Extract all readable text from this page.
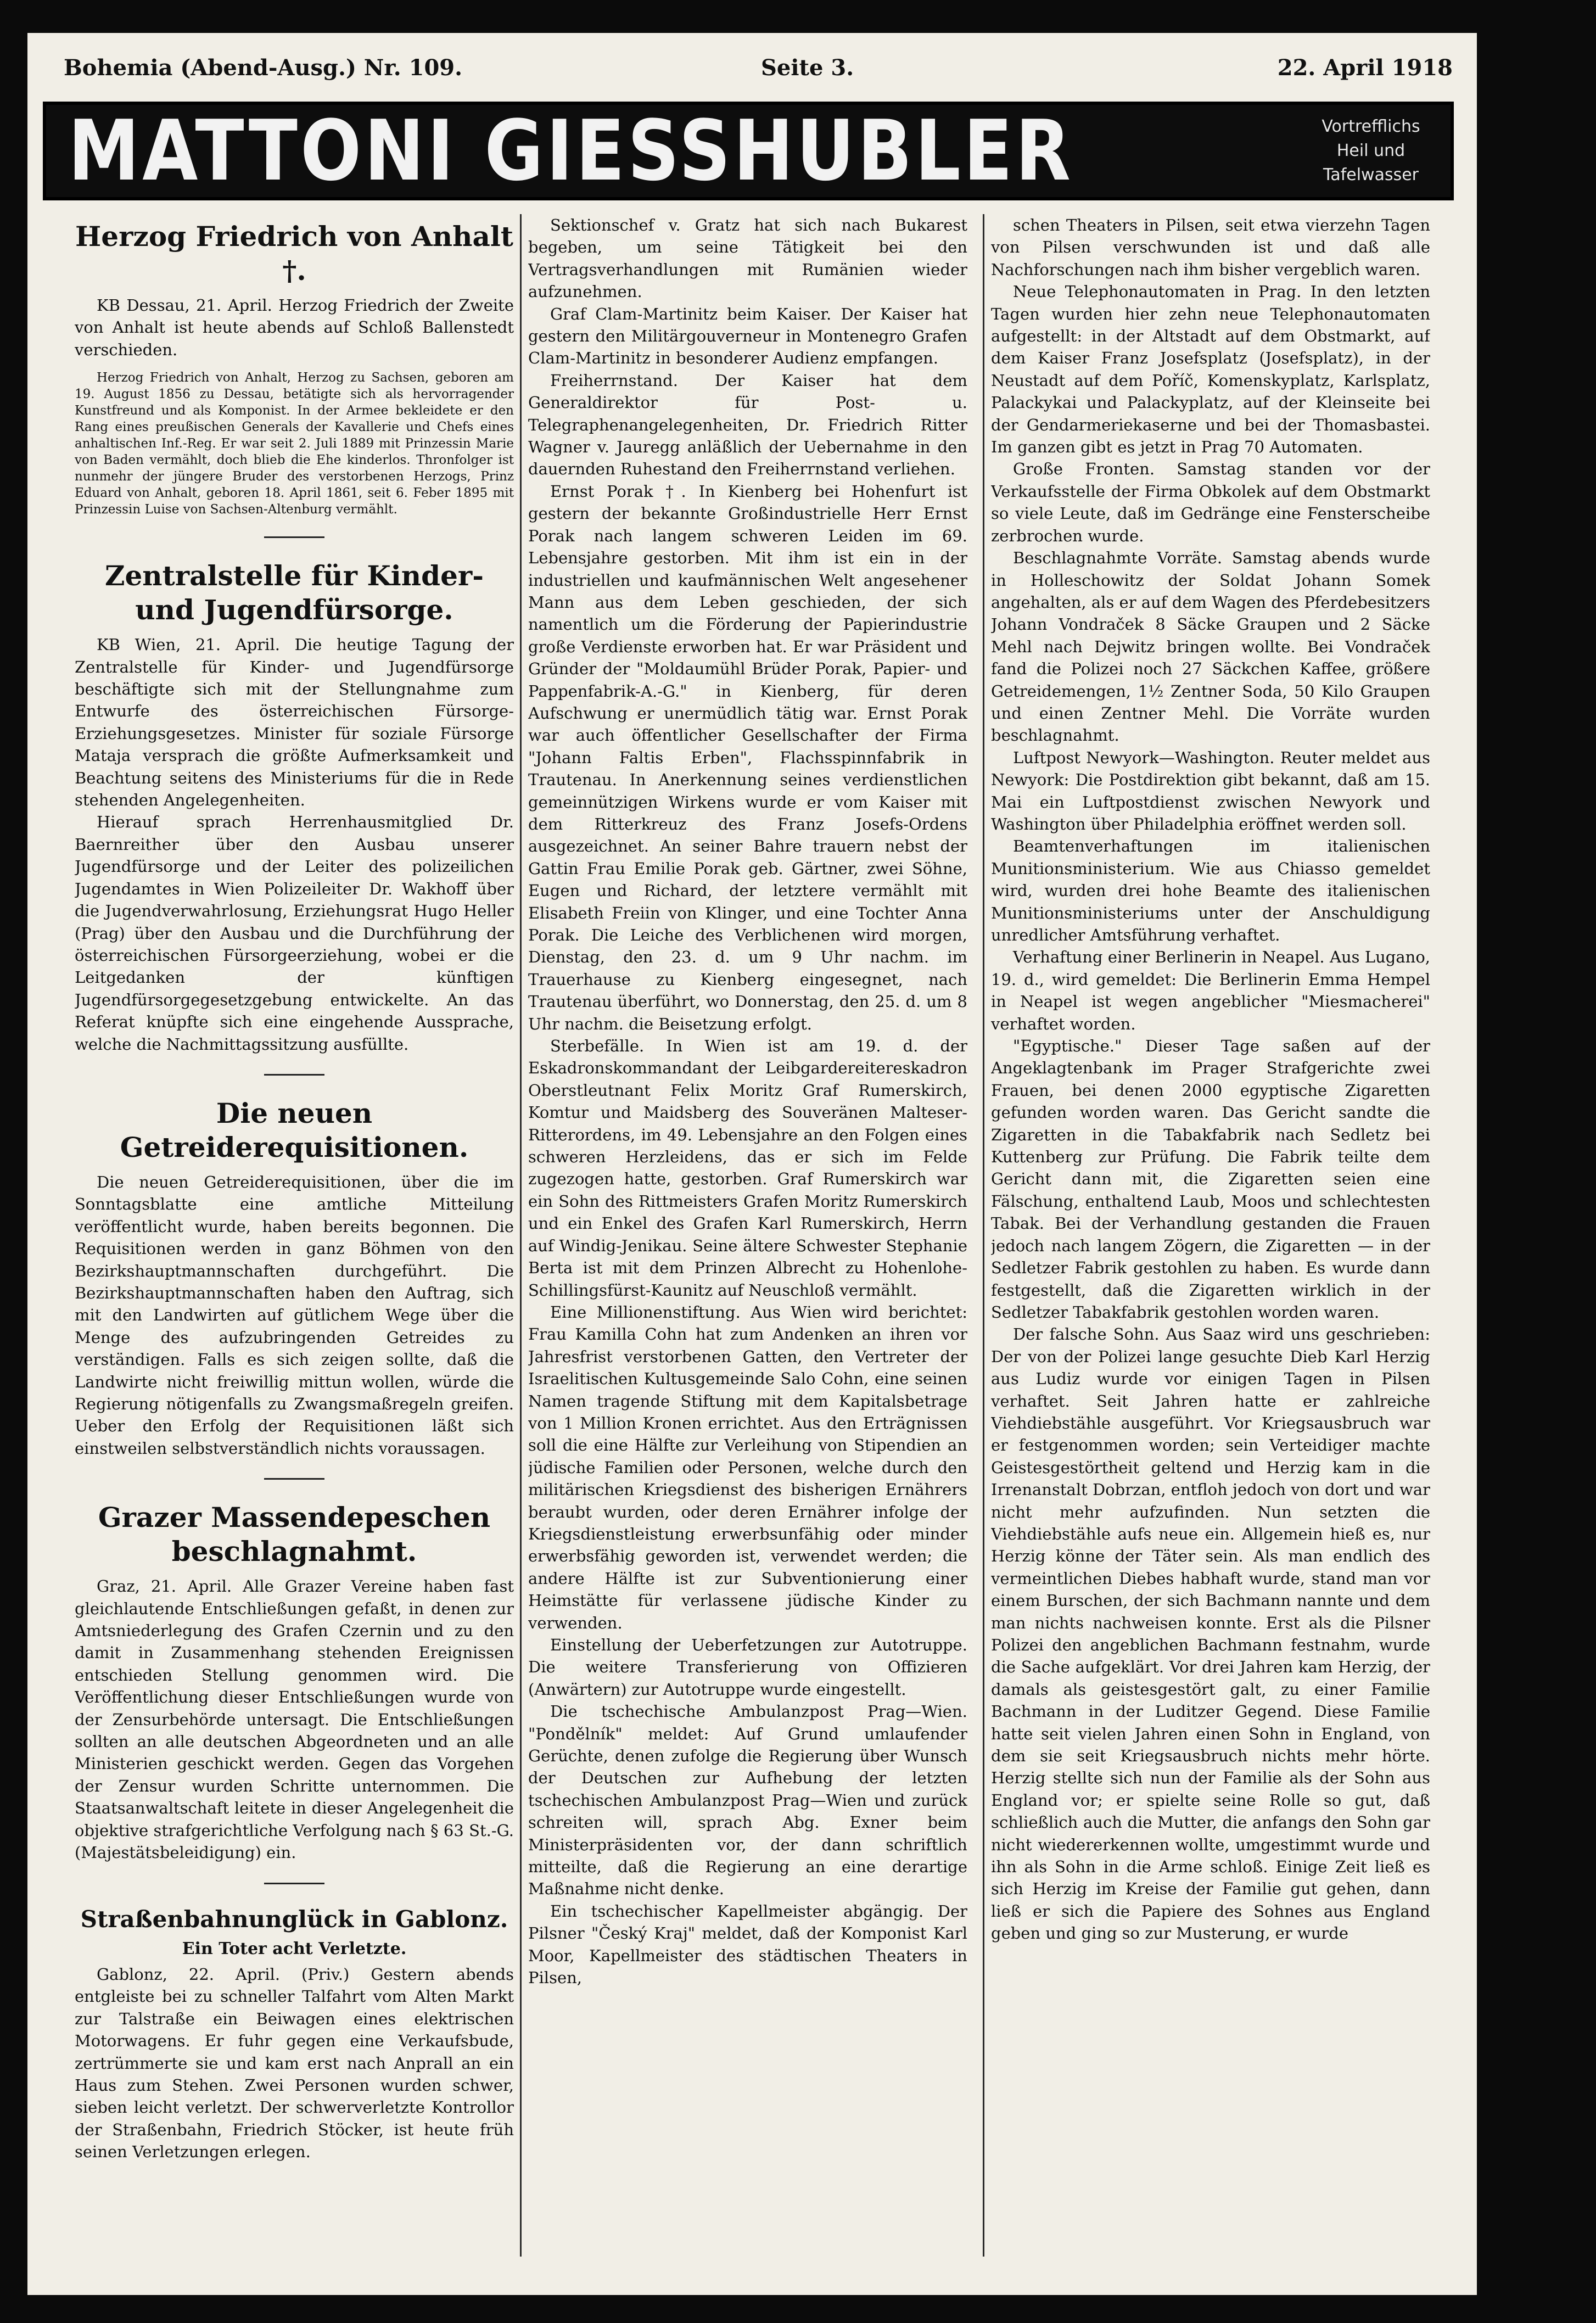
Bohemia (Abend-Ausg.) Nr. 109.	Seite 3.	22. April 1918
MATTONI GIESSHUBLER	Vortrefflichs
Heil und
Tafelwasser
Herzog Friedrich von Anhalt †.

KB Dessau, 21. April. Herzog Friedrich der Zweite von Anhalt ist heute abends auf Schloß Ballenstedt verschieden.

Herzog Friedrich von Anhalt, Herzog zu Sachsen, geboren am 19. August 1856 zu Dessau, betätigte sich als hervorragender Kunstfreund und als Komponist. In der Armee bekleidete er den Rang eines preußischen Generals der Kavallerie und Chefs eines anhaltischen Inf.-Reg. Er war seit 2. Juli 1889 mit Prinzessin Marie von Baden vermählt, doch blieb die Ehe kinderlos. Thronfolger ist nunmehr der jüngere Bruder des verstorbenen Herzogs, Prinz Eduard von Anhalt, geboren 18. April 1861, seit 6. Feber 1895 mit Prinzessin Luise von Sachsen-Altenburg vermählt.

Zentralstelle für Kinder- und Jugendfürsorge.

KB Wien, 21. April. Die heutige Tagung der Zentralstelle für Kinder- und Jugendfürsorge beschäftigte sich mit der Stellungnahme zum Entwurfe des österreichischen Fürsorge-Erziehungsgesetzes. Minister für soziale Fürsorge Mataja versprach die größte Aufmerksamkeit und Beachtung seitens des Ministeriums für die in Rede stehenden Angelegenheiten.

Hierauf sprach Herrenhausmitglied Dr. Baernreither über den Ausbau unserer Jugendfürsorge und der Leiter des polizeilichen Jugendamtes in Wien Polizeileiter Dr. Wakhoff über die Jugendverwahrlosung, Erziehungsrat Hugo Heller (Prag) über den Ausbau und die Durchführung der österreichischen Fürsorgeerziehung, wobei er die Leitgedanken der künftigen Jugendfürsorgegesetzgebung entwickelte. An das Referat knüpfte sich eine eingehende Aussprache, welche die Nachmittagssitzung ausfüllte.

Die neuen Getreiderequisitionen.

Die neuen Getreiderequisitionen, über die im Sonntagsblatte eine amtliche Mitteilung veröffentlicht wurde, haben bereits begonnen. Die Requisitionen werden in ganz Böhmen von den Bezirkshauptmannschaften durchgeführt. Die Bezirkshauptmannschaften haben den Auftrag, sich mit den Landwirten auf gütlichem Wege über die Menge des aufzubringenden Getreides zu verständigen. Falls es sich zeigen sollte, daß die Landwirte nicht freiwillig mittun wollen, würde die Regierung nötigenfalls zu Zwangsmaßregeln greifen. Ueber den Erfolg der Requisitionen läßt sich einstweilen selbstverständlich nichts voraussagen.

Grazer Massendepeschen beschlagnahmt.

Graz, 21. April. Alle Grazer Vereine haben fast gleichlautende Entschließungen gefaßt, in denen zur Amtsniederlegung des Grafen Czernin und zu den damit in Zusammenhang stehenden Ereignissen entschieden Stellung genommen wird. Die Veröffentlichung dieser Entschließungen wurde von der Zensurbehörde untersagt. Die Entschließungen sollten an alle deutschen Abgeordneten und an alle Ministerien geschickt werden. Gegen das Vorgehen der Zensur wurden Schritte unternommen. Die Staatsanwaltschaft leitete in dieser Angelegenheit die objektive strafgerichtliche Verfolgung nach § 63 St.-G. (Majestätsbeleidigung) ein.

Straßenbahnunglück in Gablonz.
Ein Toter acht Verletzte.

Gablonz, 22. April. (Priv.) Gestern abends entgleiste bei zu schneller Talfahrt vom Alten Markt zur Talstraße ein Beiwagen eines elektrischen Motorwagens. Er fuhr gegen eine Verkaufsbude, zertrümmerte sie und kam erst nach Anprall an ein Haus zum Stehen. Zwei Personen wurden schwer, sieben leicht verletzt. Der schwerverletzte Kontrollor der Straßenbahn, Friedrich Stöcker, ist heute früh seinen Verletzungen erlegen.

Sektionschef v. Gratz hat sich nach Bukarest begeben, um seine Tätigkeit bei den Vertragsverhandlungen mit Rumänien wieder aufzunehmen.

Graf Clam-Martinitz beim Kaiser. Der Kaiser hat gestern den Militärgouverneur in Montenegro Grafen Clam-Martinitz in besonderer Audienz empfangen.

Freiherrnstand. Der Kaiser hat dem Generaldirektor für Post- u. Telegraphenangelegenheiten, Dr. Friedrich Ritter Wagner v. Jauregg anläßlich der Uebernahme in den dauernden Ruhestand den Freiherrnstand verliehen.

Ernst Porak †. In Kienberg bei Hohenfurt ist gestern der bekannte Großindustrielle Herr Ernst Porak nach langem schweren Leiden im 69. Lebensjahre gestorben. Mit ihm ist ein in der industriellen und kaufmännischen Welt angesehener Mann aus dem Leben geschieden, der sich namentlich um die Förderung der Papierindustrie große Verdienste erworben hat. Er war Präsident und Gründer der "Moldaumühl Brüder Porak, Papier- und Pappenfabrik-A.-G." in Kienberg, für deren Aufschwung er unermüdlich tätig war. Ernst Porak war auch öffentlicher Gesellschafter der Firma "Johann Faltis Erben", Flachsspinnfabrik in Trautenau. In Anerkennung seines verdienstlichen gemeinnützigen Wirkens wurde er vom Kaiser mit dem Ritterkreuz des Franz Josefs-Ordens ausgezeichnet. An seiner Bahre trauern nebst der Gattin Frau Emilie Porak geb. Gärtner, zwei Söhne, Eugen und Richard, der letztere vermählt mit Elisabeth Freiin von Klinger, und eine Tochter Anna Porak. Die Leiche des Verblichenen wird morgen, Dienstag, den 23. d. um 9 Uhr nachm. im Trauerhause zu Kienberg eingesegnet, nach Trautenau überführt, wo Donnerstag, den 25. d. um 8 Uhr nachm. die Beisetzung erfolgt.

Sterbefälle. In Wien ist am 19. d. der Eskadronskommandant der Leibgardereitereskadron Oberstleutnant Felix Moritz Graf Rumerskirch, Komtur und Maidsberg des Souveränen Malteser-Ritterordens, im 49. Lebensjahre an den Folgen eines schweren Herzleidens, das er sich im Felde zugezogen hatte, gestorben. Graf Rumerskirch war ein Sohn des Rittmeisters Grafen Moritz Rumerskirch und ein Enkel des Grafen Karl Rumerskirch, Herrn auf Windig-Jenikau. Seine ältere Schwester Stephanie Berta ist mit dem Prinzen Albrecht zu Hohenlohe-Schillingsfürst-Kaunitz auf Neuschloß vermählt.

Eine Millionenstiftung. Aus Wien wird berichtet: Frau Kamilla Cohn hat zum Andenken an ihren vor Jahresfrist verstorbenen Gatten, den Vertreter der Israelitischen Kultusgemeinde Salo Cohn, eine seinen Namen tragende Stiftung mit dem Kapitalsbetrage von 1 Million Kronen errichtet. Aus den Erträgnissen soll die eine Hälfte zur Verleihung von Stipendien an jüdische Familien oder Personen, welche durch den militärischen Kriegsdienst des bisherigen Ernährers beraubt wurden, oder deren Ernährer infolge der Kriegsdienstleistung erwerbsunfähig oder minder erwerbsfähig geworden ist, verwendet werden; die andere Hälfte ist zur Subventionierung einer Heimstätte für verlassene jüdische Kinder zu verwenden.

Einstellung der Ueberfetzungen zur Autotruppe. Die weitere Transferierung von Offizieren (Anwärtern) zur Autotruppe wurde eingestellt.

Die tschechische Ambulanzpost Prag—Wien. "Pondělník" meldet: Auf Grund umlaufender Gerüchte, denen zufolge die Regierung über Wunsch der Deutschen zur Aufhebung der letzten tschechischen Ambulanzpost Prag—Wien und zurück schreiten will, sprach Abg. Exner beim Ministerpräsidenten vor, der dann schriftlich mitteilte, daß die Regierung an eine derartige Maßnahme nicht denke.

Ein tschechischer Kapellmeister abgängig. Der Pilsner "Český Kraj" meldet, daß der Komponist Karl Moor, Kapellmeister des städtischen Theaters in Pilsen,

schen Theaters in Pilsen, seit etwa vierzehn Tagen von Pilsen verschwunden ist und daß alle Nachforschungen nach ihm bisher vergeblich waren.

Neue Telephonautomaten in Prag. In den letzten Tagen wurden hier zehn neue Telephonautomaten aufgestellt: in der Altstadt auf dem Obstmarkt, auf dem Kaiser Franz Josefsplatz (Josefsplatz), in der Neustadt auf dem Poříč, Komenskyplatz, Karlsplatz, Palackykai und Palackyplatz, auf der Kleinseite bei der Gendarmeriekaserne und bei der Thomasbastei. Im ganzen gibt es jetzt in Prag 70 Automaten.

Große Fronten. Samstag standen vor der Verkaufsstelle der Firma Obkolek auf dem Obstmarkt so viele Leute, daß im Gedränge eine Fensterscheibe zerbrochen wurde.

Beschlagnahmte Vorräte. Samstag abends wurde in Holleschowitz der Soldat Johann Somek angehalten, als er auf dem Wagen des Pferdebesitzers Johann Vondraček 8 Säcke Graupen und 2 Säcke Mehl nach Dejwitz bringen wollte. Bei Vondraček fand die Polizei noch 27 Säckchen Kaffee, größere Getreidemengen, 1½ Zentner Soda, 50 Kilo Graupen und einen Zentner Mehl. Die Vorräte wurden beschlagnahmt.

Luftpost Newyork—Washington. Reuter meldet aus Newyork: Die Postdirektion gibt bekannt, daß am 15. Mai ein Luftpostdienst zwischen Newyork und Washington über Philadelphia eröffnet werden soll.

Beamtenverhaftungen im italienischen Munitionsministerium. Wie aus Chiasso gemeldet wird, wurden drei hohe Beamte des italienischen Munitionsministeriums unter der Anschuldigung unredlicher Amtsführung verhaftet.

Verhaftung einer Berlinerin in Neapel. Aus Lugano, 19. d., wird gemeldet: Die Berlinerin Emma Hempel in Neapel ist wegen angeblicher "Miesmacherei" verhaftet worden.

"Egyptische." Dieser Tage saßen auf der Angeklagtenbank im Prager Strafgerichte zwei Frauen, bei denen 2000 egyptische Zigaretten gefunden worden waren. Das Gericht sandte die Zigaretten in die Tabakfabrik nach Sedletz bei Kuttenberg zur Prüfung. Die Fabrik teilte dem Gericht dann mit, die Zigaretten seien eine Fälschung, enthaltend Laub, Moos und schlechtesten Tabak. Bei der Verhandlung gestanden die Frauen jedoch nach langem Zögern, die Zigaretten — in der Sedletzer Fabrik gestohlen zu haben. Es wurde dann festgestellt, daß die Zigaretten wirklich in der Sedletzer Tabakfabrik gestohlen worden waren.

Der falsche Sohn. Aus Saaz wird uns geschrieben: Der von der Polizei lange gesuchte Dieb Karl Herzig aus Ludiz wurde vor einigen Tagen in Pilsen verhaftet. Seit Jahren hatte er zahlreiche Viehdiebstähle ausgeführt. Vor Kriegsausbruch war er festgenommen worden; sein Verteidiger machte Geistesgestörtheit geltend und Herzig kam in die Irrenanstalt Dobrzan, entfloh jedoch von dort und war nicht mehr aufzufinden. Nun setzten die Viehdiebstähle aufs neue ein. Allgemein hieß es, nur Herzig könne der Täter sein. Als man endlich des vermeintlichen Diebes habhaft wurde, stand man vor einem Burschen, der sich Bachmann nannte und dem man nichts nachweisen konnte. Erst als die Pilsner Polizei den angeblichen Bachmann festnahm, wurde die Sache aufgeklärt. Vor drei Jahren kam Herzig, der damals als geistesgestört galt, zu einer Familie Bachmann in der Luditzer Gegend. Diese Familie hatte seit vielen Jahren einen Sohn in England, von dem sie seit Kriegsausbruch nichts mehr hörte. Herzig stellte sich nun der Familie als der Sohn aus England vor; er spielte seine Rolle so gut, daß schließlich auch die Mutter, die anfangs den Sohn gar nicht wiedererkennen wollte, umgestimmt wurde und ihn als Sohn in die Arme schloß. Einige Zeit ließ es sich Herzig im Kreise der Familie gut gehen, dann ließ er sich die Papiere des Sohnes aus England geben und ging so zur Musterung, er wurde
